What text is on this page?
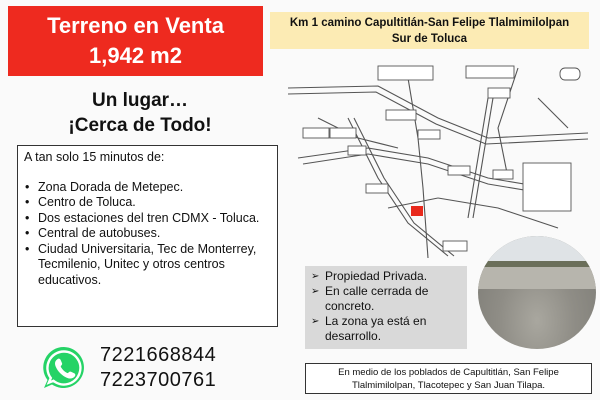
Terreno en Venta
1,942 m2
Un lugar…
¡Cerca de Todo!
A tan solo 15 minutos de:
• Zona Dorada de Metepec.
• Centro de Toluca.
• Dos estaciones del tren CDMX - Toluca.
• Central de autobuses.
• Ciudad Universitaria, Tec de Monterrey, Tecmilenio, Unitec y otros centros educativos.
7221668844
7223700761
Km 1 camino Capultitlán-San Felipe Tlalmimilolpan
Sur de Toluca
➢ Propiedad Privada.
➢ En calle cerrada de concreto.
➢ La zona ya está en desarrollo.
En medio de los poblados de Capultitlán, San Felipe
Tlalmimilolpan, Tlacotepec y San Juan Tilapa.
